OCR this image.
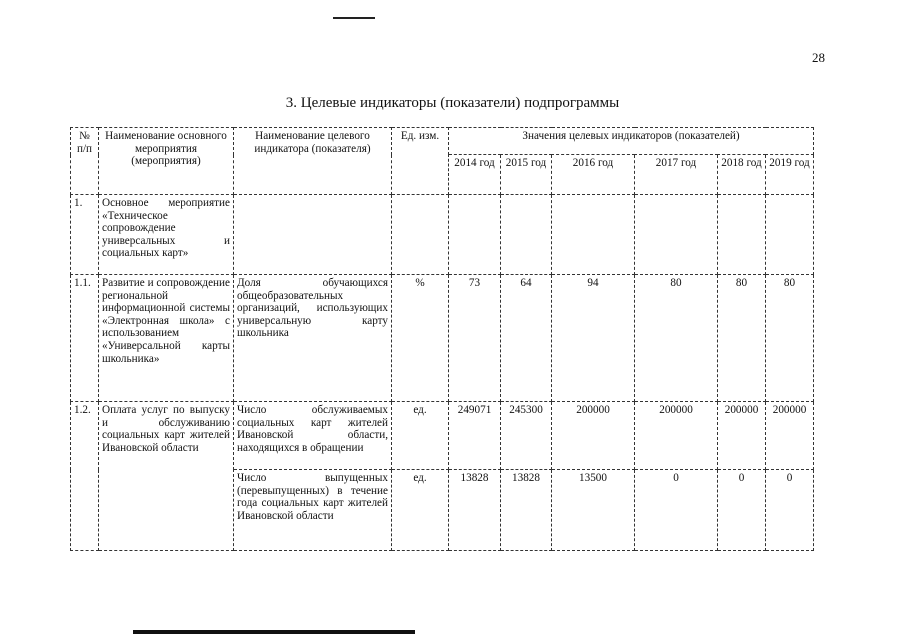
28
3. Целевые индикаторы (показатели) подпрограммы
№ п/п	Наименование основного мероприятия (мероприятия)	Наименование целевого индикатора (показателя)	Ед. изм.	Значения целевых индикаторов (показателей)					
				2014 год	2015 год	2016 год	2017 год	2018 год	2019 год
1.	Основное мероприятие «Техническое сопровождение универсальных и социальных карт»								
1.1.	Развитие и сопровождение региональной информационной системы «Электронная школа» с использованием «Универсальной карты школьника»	Доля обучающихся общеобразовательных организаций, использующих универсальную карту школьника	%	73	64	94	80	80	80
1.2.	Оплата услуг по выпуску и обслуживанию социальных карт жителей Ивановской области	Число обслуживаемых социальных карт жителей Ивановской области, находящихся в обращении	ед.	249071	245300	200000	200000	200000	200000
		Число выпущенных (перевыпущенных) в течение года социальных карт жителей Ивановской области	ед.	13828	13828	13500	0	0	0
